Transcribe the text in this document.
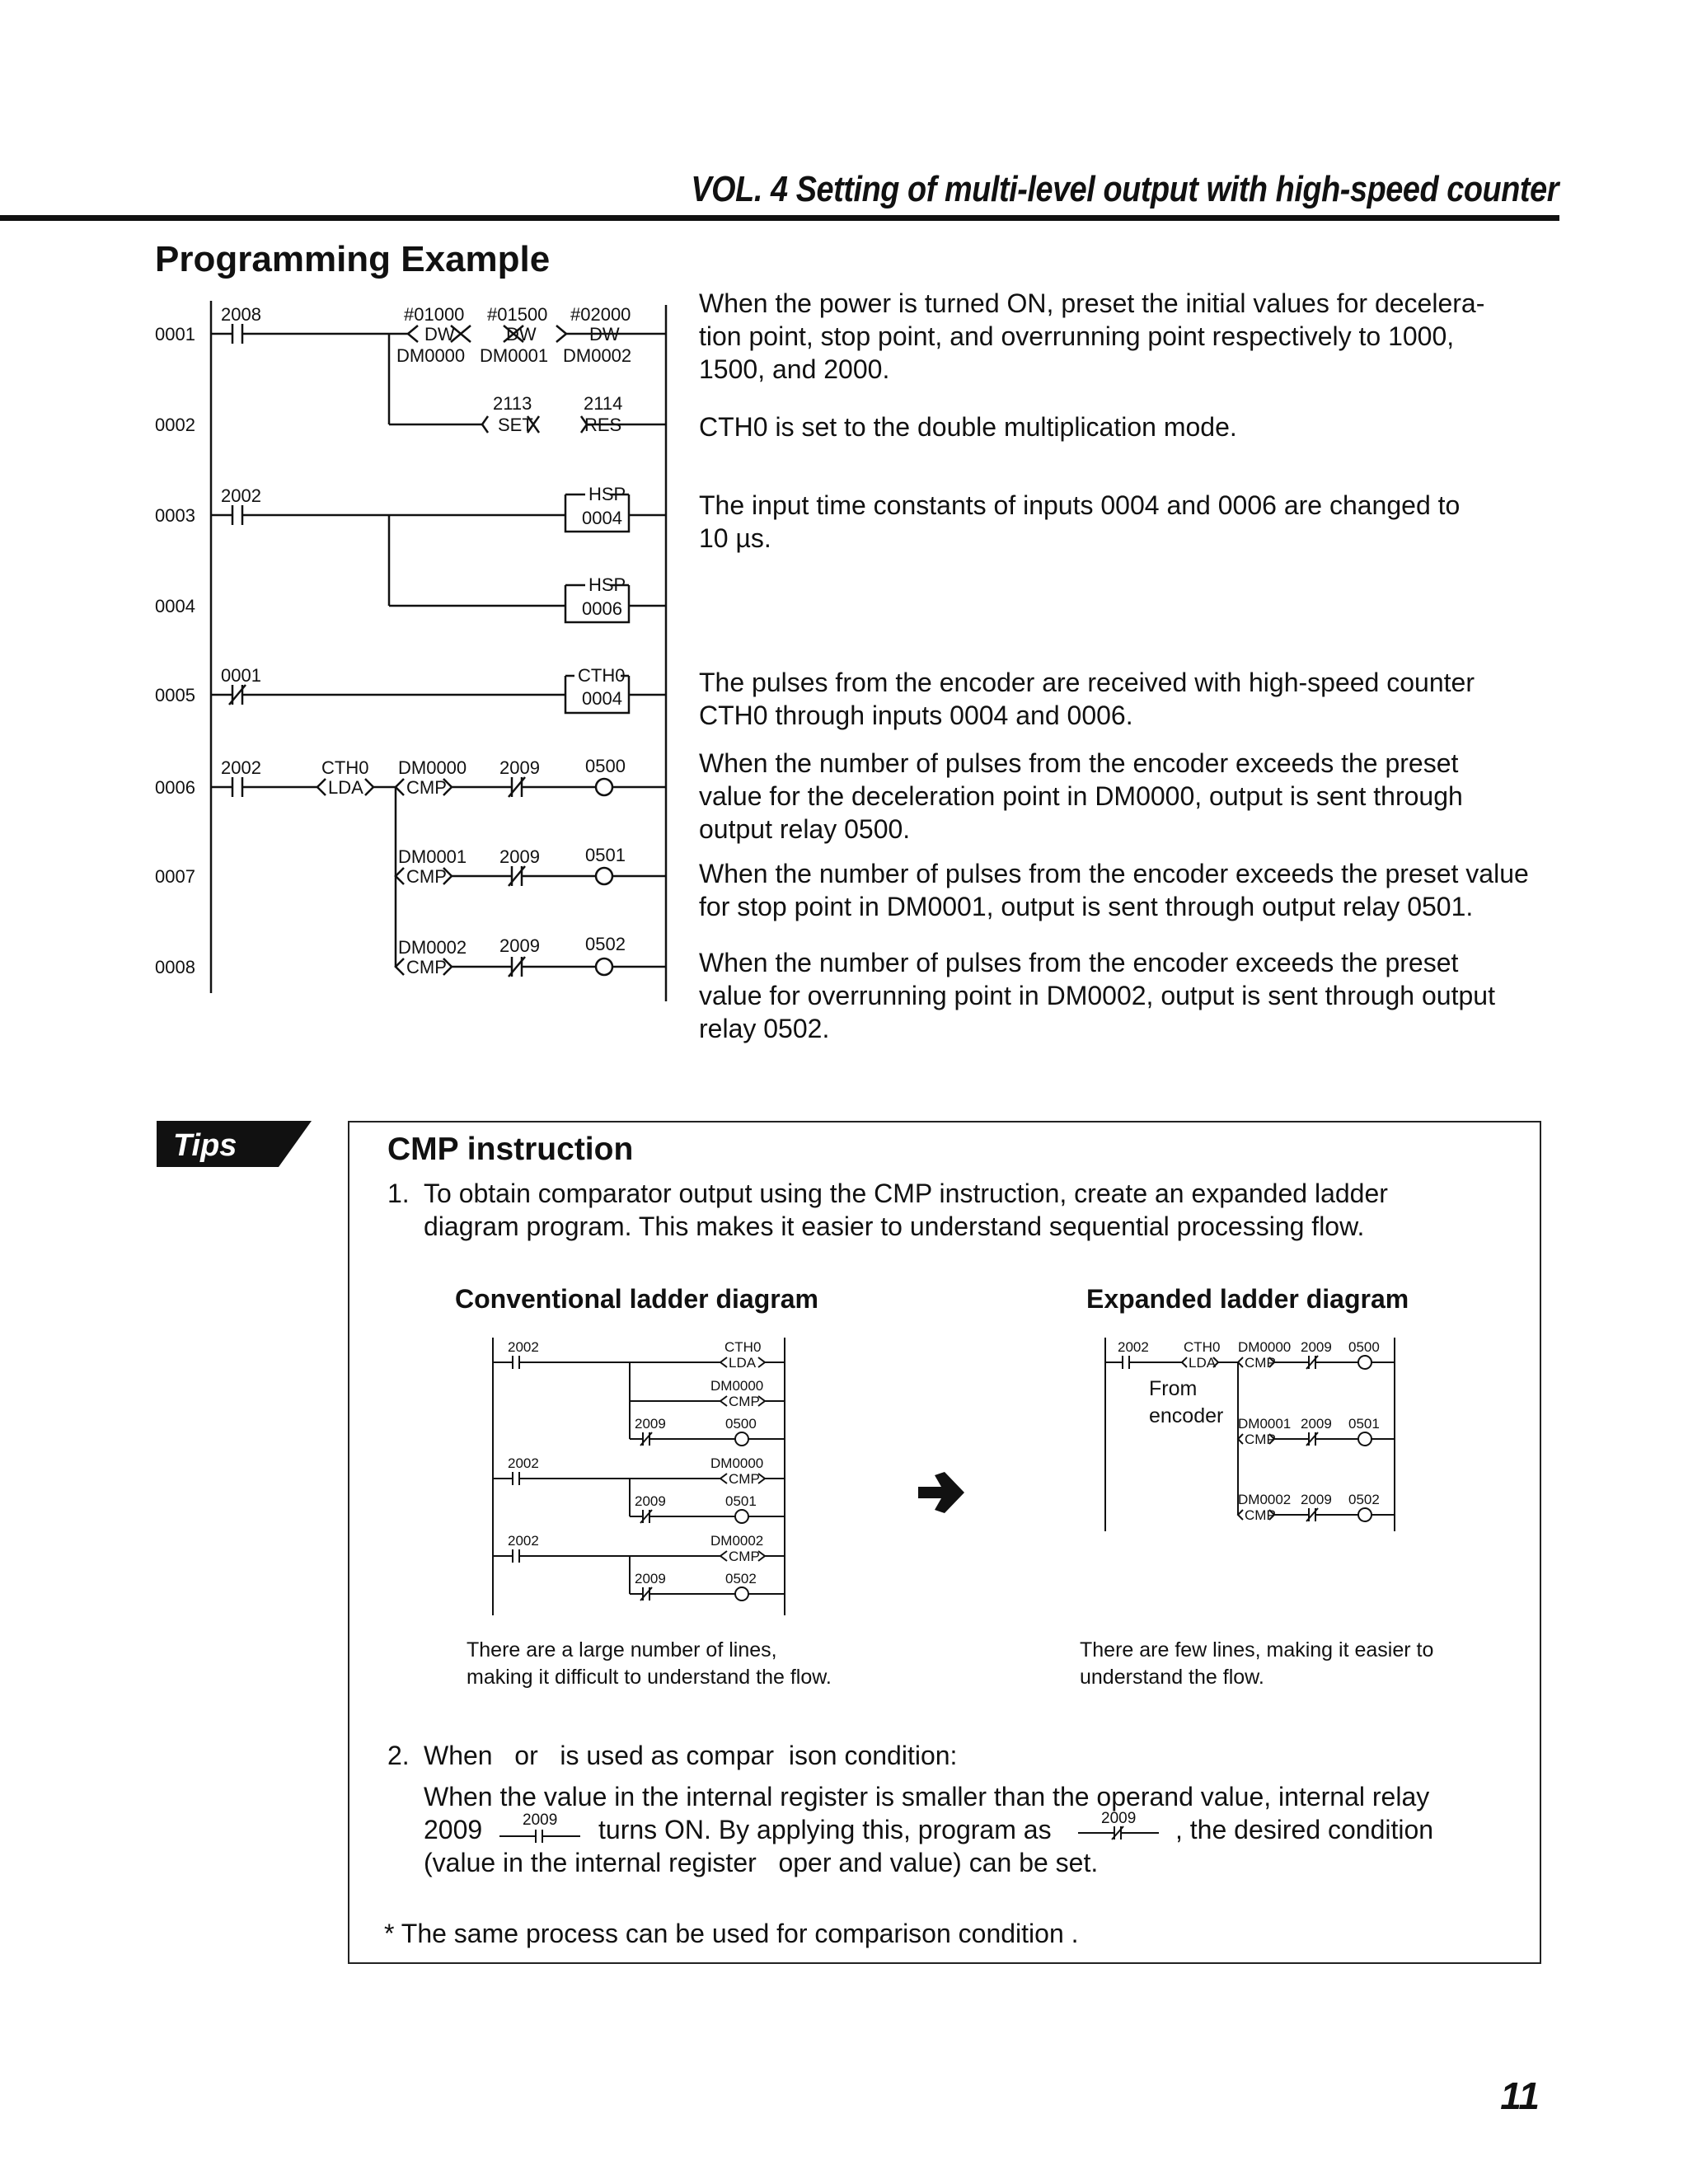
VOL. 4 Setting of multi-level output with high-speed counter
Programming Example
0001
0002
0003
0004
0005
0006
0007
0008
2008
2002
0001
2002
#01000
DW
DM0000
#01500
DW
DM0001
#02000
DW
DM0002
2113
SET
2114
RES
HSP
0004
HSP
0006
CTH0
0004
CTH0
LDA
DM0000
CMP
2009	0500
DM0001
CMP
2009	0501
DM0002
CMP
2009	0502
When the power is turned ON, preset the initial values for decelera-
tion point, stop point, and overrunning point respectively to 1000,
1500, and 2000.
CTH0 is set to the double multiplication mode.
The input time constants of inputs 0004 and 0006 are changed to
10 µs.
The pulses from the encoder are received with high-speed counter
CTH0 through inputs 0004 and 0006.
When the number of pulses from the encoder exceeds the preset
value for the deceleration point in DM0000, output is sent through
output relay 0500.
When the number of pulses from the encoder exceeds the preset value
for stop point in DM0001, output is sent through output relay 0501.
When the number of pulses from the encoder exceeds the preset
value for overrunning point in DM0002, output is sent through output
relay 0502.
Tips	CMP instruction
1. To obtain comparator output using the CMP instruction, create an expanded ladder
diagram program. This makes it easier to understand sequential processing flow.
Conventional ladder diagram	Expanded ladder diagram
2002	CTH0
LDA
DM0000
CMP
2009	0500
2002	DM0000
CMP
2009	0501
2002	DM0002
CMP
2009	0502
2002 CTH0
LDA
DM0000
CMP
2009 0500
DM0001
CMP
2009 0501
DM0002
CMP
2009 0502
From
encoder
There are a large number of lines,
making it difficult to understand the flow.
There are few lines, making it easier to
understand the flow.
2. When   or   is used as compar  ison condition:
When the value in the internal register is smaller than the operand value, internal relay
2009	2009 turns ON. By applying this, program as	2009 , the desired condition
(value in the internal register   oper and value) can be set.
* The same process can be used for comparison condition .
11
